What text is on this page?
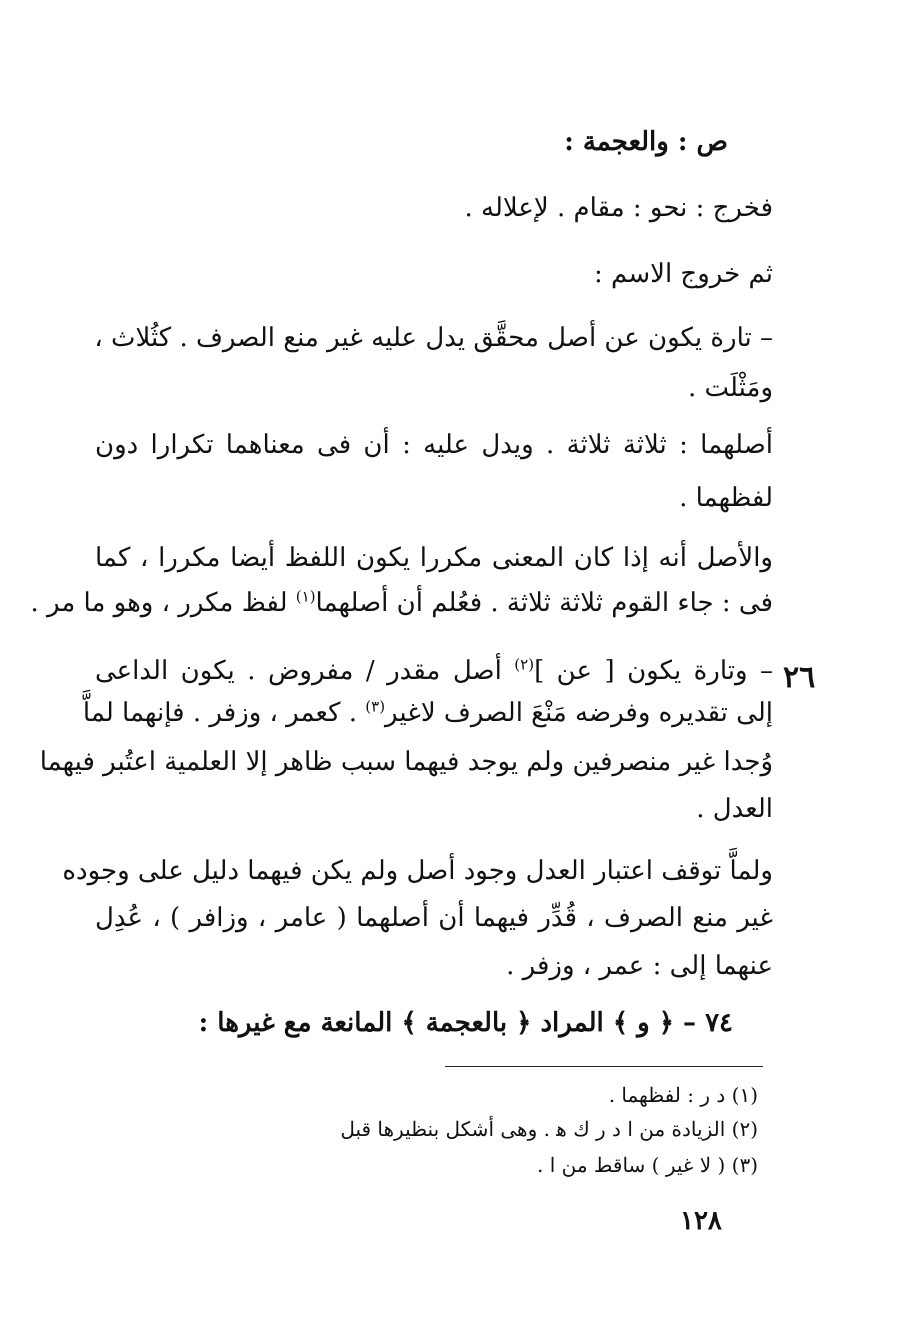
ص : والعجمة :
فخرج : نحو : مقام . لإعلاله .
ثم خروج الاسم :
– تارة يكون عن أصل محقَّق يدل عليه غير منع الصرف . كثُلاث ،
ومَثْلَت .
أصلهما : ثلاثة ثلاثة . ويدل عليه : أن فى معناهما تكرارا دون
لفظهما .
والأصل أنه إذا كان المعنى مكررا يكون اللفظ أيضا مكررا ، كما
فى : جاء القوم ثلاثة ثلاثة . فعُلم أن أصلهما$^{(١)}$ لفظ مكرر ، وهو ما مر .
٢٦
– وتارة يكون [ عن ]$^{(٢)}$ أصل مقدر / مفروض . يكون الداعى
إلى تقديره وفرضه مَنْعَ الصرف لاغير$^{(٣)}$ . كعمر ، وزفر . فإنهما لماَّ
وُجدا غير منصرفين ولم يوجد فيهما سبب ظاهر إلا العلمية اعتُبر فيهما
العدل .
ولماَّ توقف اعتبار العدل وجود أصل ولم يكن فيهما دليل على وجوده
غير منع الصرف ، قُدِّر فيهما أن أصلهما ( عامر ، وزافر ) ، عُدِل
عنهما إلى : عمر ، وزفر .
٧٤ – ﴿ و ﴾ المراد ﴿ بالعجمة ﴾ المانعة مع غيرها :
(١) د ر : لفظهما .
(٢) الزيادة من ا د ر ك ﻫ . وهى أشكل بنظيرها قبل
(٣) ( لا غير ) ساقط من ا .
١٢٨
